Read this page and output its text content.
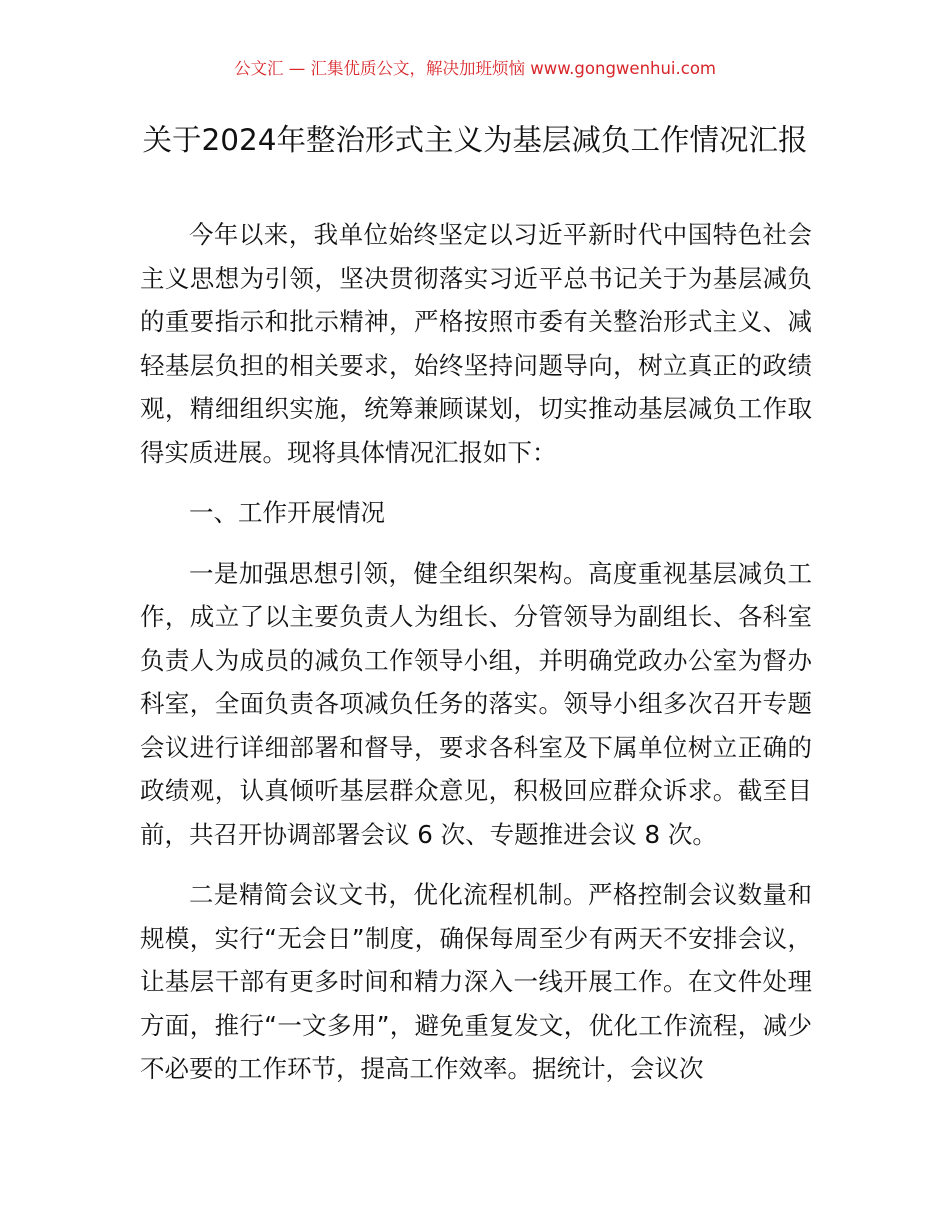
公文汇 — 汇集优质公文，解决加班烦恼 www.gongwenhui.com
关于2024年整治形式主义为基层减负工作情况汇报

今年以来，我单位始终坚定以习近平新时代中国特色社会主义思想为引领，坚决贯彻落实习近平总书记关于为基层减负的重要指示和批示精神，严格按照市委有关整治形式主义、减轻基层负担的相关要求，始终坚持问题导向，树立真正的政绩观，精细组织实施，统筹兼顾谋划，切实推动基层减负工作取得实质进展。现将具体情况汇报如下：

一、工作开展情况

一是加强思想引领，健全组织架构。高度重视基层减负工作，成立了以主要负责人为组长、分管领导为副组长、各科室负责人为成员的减负工作领导小组，并明确党政办公室为督办科室，全面负责各项减负任务的落实。领导小组多次召开专题会议进行详细部署和督导，要求各科室及下属单位树立正确的政绩观，认真倾听基层群众意见，积极回应群众诉求。截至目前，共召开协调部署会议 6 次、专题推进会议 8 次。

二是精简会议文书，优化流程机制。严格控制会议数量和规模，实行“无会日”制度，确保每周至少有两天不安排会议，让基层干部有更多时间和精力深入一线开展工作。在文件处理方面，推行“一文多用”，避免重复发文，优化工作流程，减少不必要的工作环节，提高工作效率。据统计，会议次
